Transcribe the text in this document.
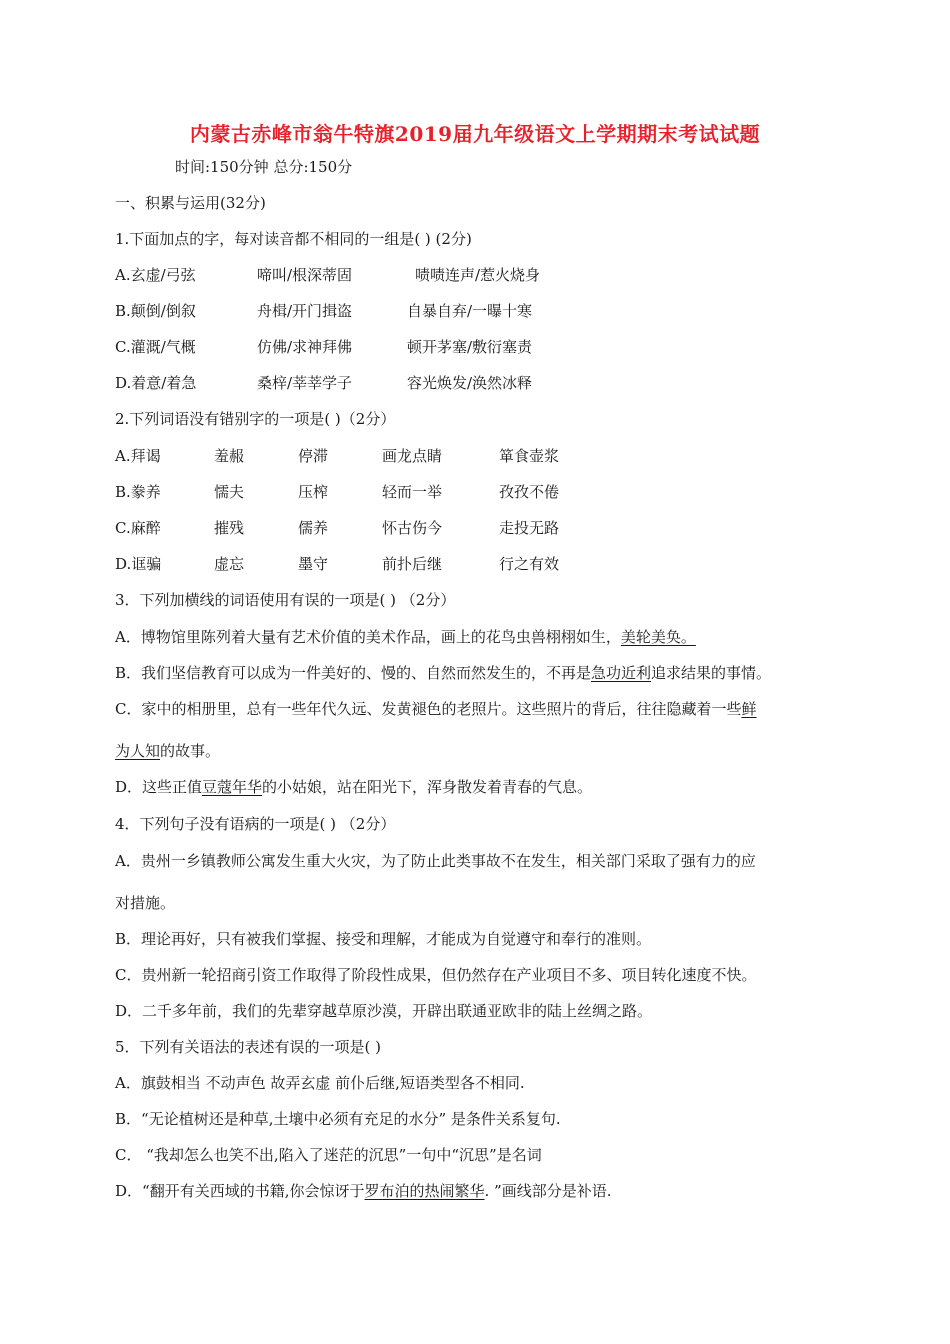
内蒙古赤峰市翁牛特旗2019届九年级语文上学期期末考试试题
时间:150分钟 总分:150分
一、积累与运用(32分)
1.下面加点的字，每对读音都不相同的一组是( ) (2分)
A.玄虚/弓弦	啼叫/根深蒂固	啧啧连声/惹火烧身
B.颠倒/倒叙	舟楫/开门揖盗	自暴自弃/一曝十寒
C.灌溉/气概	仿佛/求神拜佛	顿开茅塞/敷衍塞责
D.着意/着急	桑梓/莘莘学子	容光焕发/涣然冰释
2.下列词语没有错别字的一项是( )（2分）
A.拜谒	羞赧	停滞	画龙点睛	箪食壶浆
B.豢养	懦夫	压榨	轻而一举	孜孜不倦
C.麻醉	摧残	儒养	怀古伤今	走投无路
D.诓骗	虚忘	墨守	前扑后继	行之有效
3．下列加横线的词语使用有误的一项是( ) （2分）
A．博物馆里陈列着大量有艺术价值的美术作品，画上的花鸟虫兽栩栩如生，美轮美奂。
B．我们坚信教育可以成为一件美好的、慢的、自然而然发生的，不再是急功近利追求结果的事情。
C．家中的相册里，总有一些年代久远、发黄褪色的老照片。这些照片的背后，往往隐藏着一些鲜
为人知的故事。
D．这些正值豆蔻年华的小姑娘，站在阳光下，浑身散发着青春的气息。
4．下列句子没有语病的一项是( ) （2分）
A．贵州一乡镇教师公寓发生重大火灾，为了防止此类事故不在发生，相关部门采取了强有力的应
对措施。
B．理论再好，只有被我们掌握、接受和理解，才能成为自觉遵守和奉行的准则。
C．贵州新一轮招商引资工作取得了阶段性成果，但仍然存在产业项目不多、项目转化速度不快。
D．二千多年前，我们的先辈穿越草原沙漠，开辟出联通亚欧非的陆上丝绸之路。
5．下列有关语法的表述有误的一项是( )
A．旗鼓相当 不动声色 故弄玄虚 前仆后继,短语类型各不相同.
B．“无论植树还是种草,土壤中必须有充足的水分” 是条件关系复句.
C． “我却怎么也笑不出,陷入了迷茫的沉思”一句中“沉思”是名词
D．“翻开有关西域的书籍,你会惊讶于罗布泊的热闹繁华. ”画线部分是补语.
